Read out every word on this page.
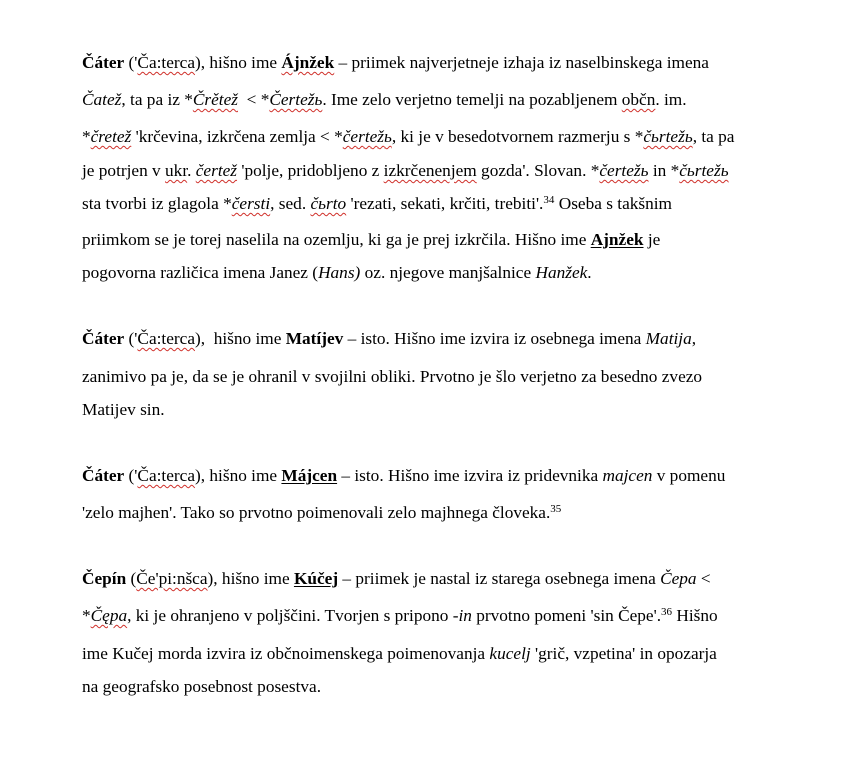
Čáter ('Ča:terca), hišno ime Ájnžek – priimek najverjetneje izhaja iz naselbinskega imena
Čatež, ta pa iz *Črětež  < *Čertežь. Ime zelo verjetno temelji na pozabljenem občn. im.
*čretež 'krčevina, izkrčena zemlja < *čertežь, ki je v besedotvornem razmerju s *čьrtežь, ta pa
je potrjen v ukr. čertež 'polje, pridobljeno z izkrčenenjem gozda'. Slovan. *čertežь in *čьrtežь
sta tvorbi iz glagola *čersti, sed. čьrto 'rezati, sekati, krčiti, trebiti'.$^{34}$ Oseba s takšnim
priimkom se je torej naselila na ozemlju, ki ga je prej izkrčila. Hišno ime Ajnžek je
pogovorna različica imena Janez (Hans) oz. njegove manjšalnice Hanžek.
Čáter ('Ča:terca),  hišno ime Matíjev – isto. Hišno ime izvira iz osebnega imena Matija,
zanimivo pa je, da se je ohranil v svojilni obliki. Prvotno je šlo verjetno za besedno zvezo
Matijev sin.
Čáter ('Ča:terca), hišno ime Májcen – isto. Hišno ime izvira iz pridevnika majcen v pomenu
'zelo majhen'. Tako so prvotno poimenovali zelo majhnega človeka.$^{35}$
Čepín (Če'pi:nšca), hišno ime Kúčej – priimek je nastal iz starega osebnega imena Čepa <
*Čępa, ki je ohranjeno v poljščini. Tvorjen s pripono -in prvotno pomeni 'sin Čepe'.$^{36}$ Hišno
ime Kučej morda izvira iz občnoimenskega poimenovanja kucelj 'grič, vzpetina' in opozarja
na geografsko posebnost posestva.
